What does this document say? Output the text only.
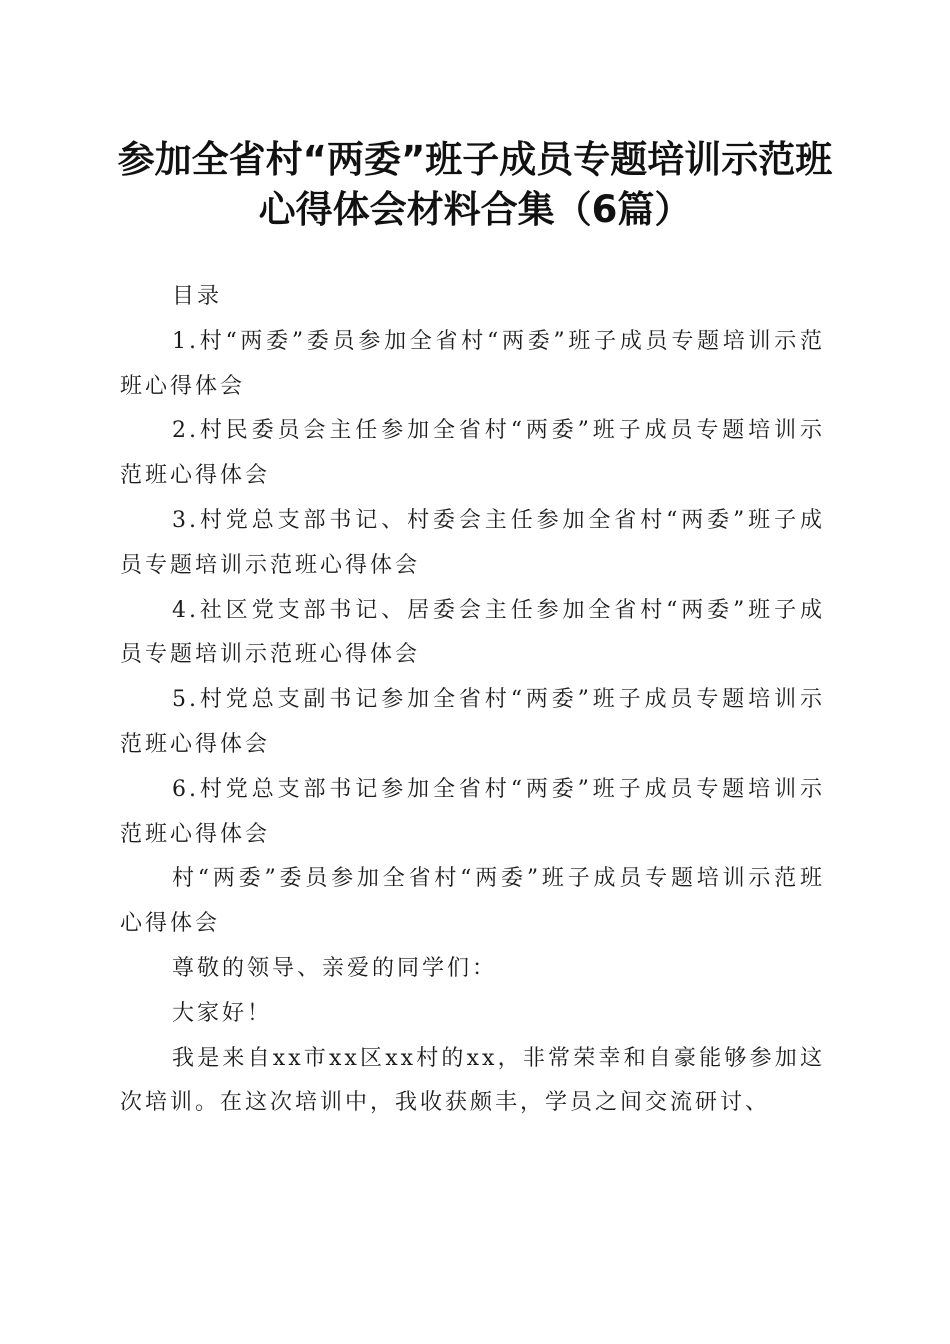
参加全省村“两委”班子成员专题培训示范班
心得体会材料合集（6篇）

目录

1.村“两委”委员参加全省村“两委”班子成员专题培训示范班心得体会

2.村民委员会主任参加全省村“两委”班子成员专题培训示范班心得体会

3.村党总支部书记、村委会主任参加全省村“两委”班子成员专题培训示范班心得体会

4.社区党支部书记、居委会主任参加全省村“两委”班子成员专题培训示范班心得体会

5.村党总支副书记参加全省村“两委”班子成员专题培训示范班心得体会

6.村党总支部书记参加全省村“两委”班子成员专题培训示范班心得体会

村“两委”委员参加全省村“两委”班子成员专题培训示范班心得体会

尊敬的领导、亲爱的同学们：

大家好！

我是来自xx市xx区xx村的xx，非常荣幸和自豪能够参加这次培训。在这次培训中，我收获颇丰，学员之间交流研讨、
